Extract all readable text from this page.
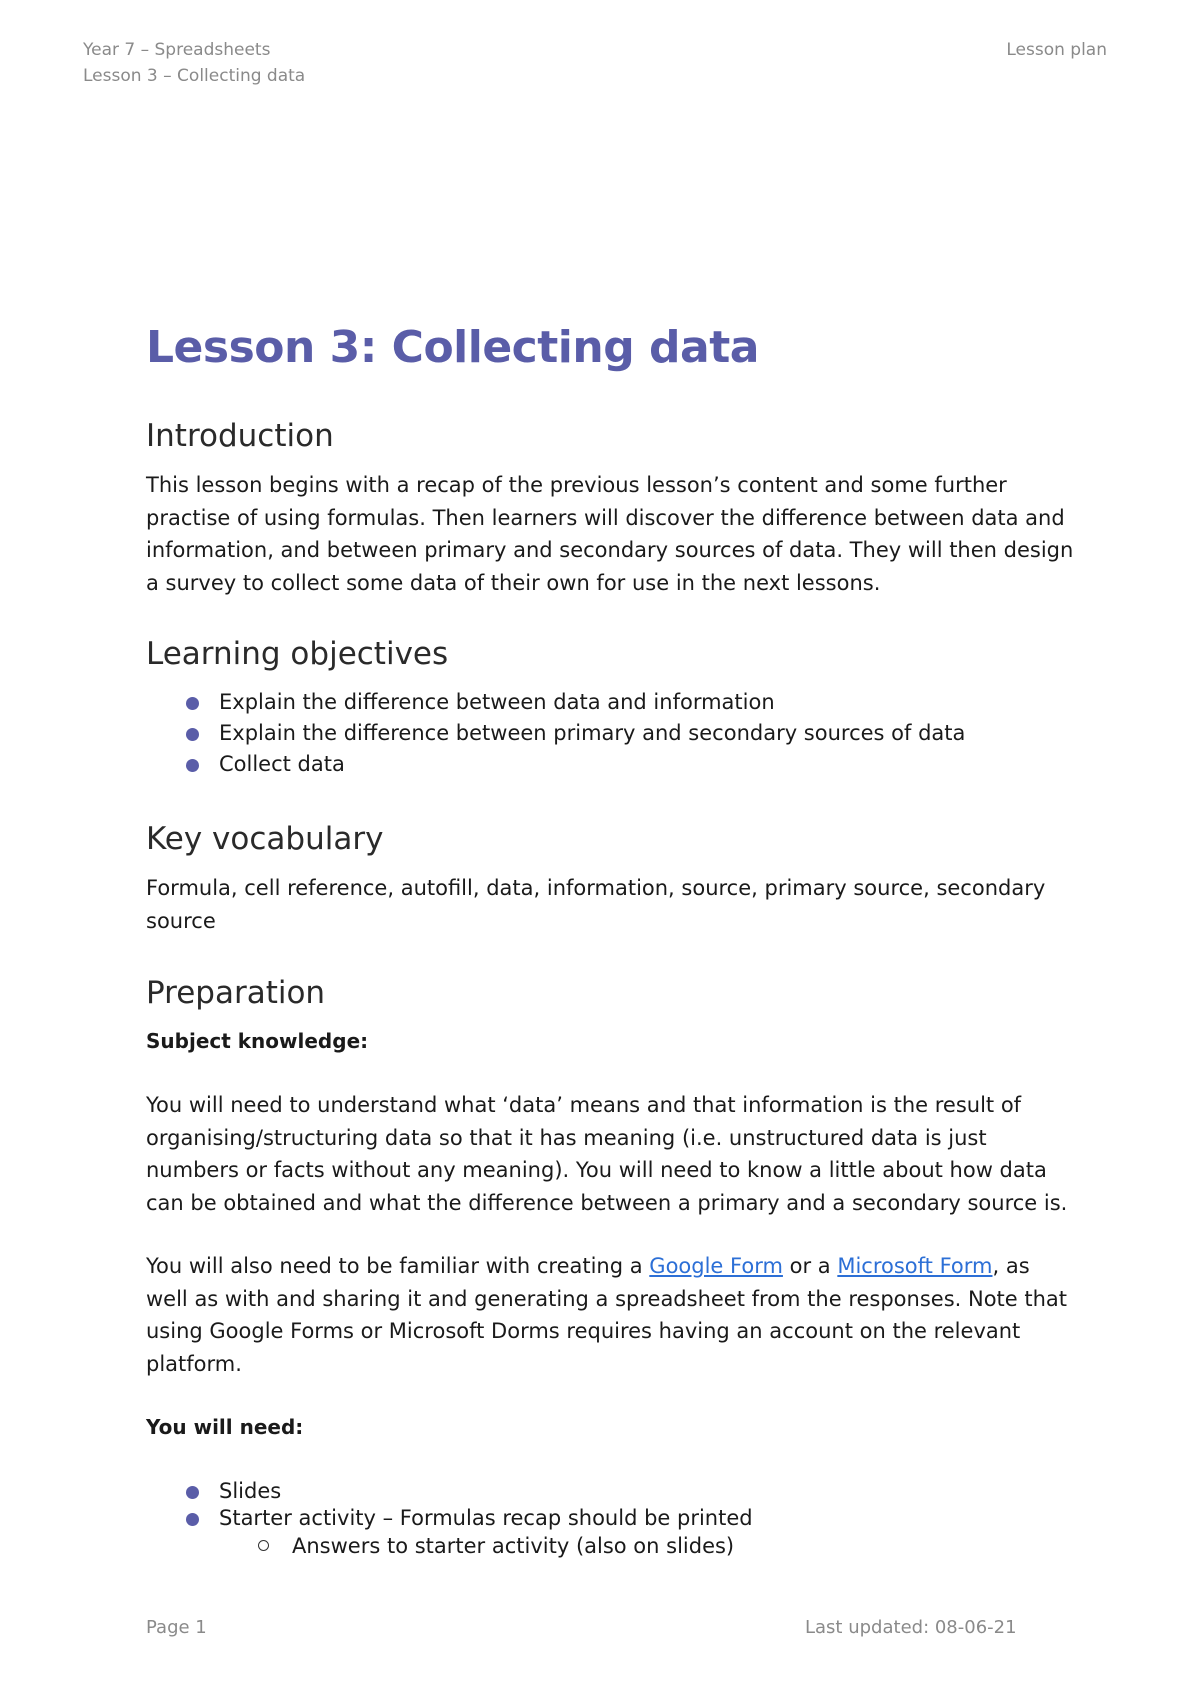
Year 7 – Spreadsheets
Lesson 3 – Collecting data
Lesson plan
Lesson 3: Collecting data
Introduction

This lesson begins with a recap of the previous lesson’s content and some further practise of using formulas. Then learners will discover the difference between data and information, and between primary and secondary sources of data. They will then design a survey to collect some data of their own for use in the next lessons.

Learning objectives
Explain the difference between data and information
Explain the difference between primary and secondary sources of data
Collect data
Key vocabulary

Formula, cell reference, autofill, data, information, source, primary source, secondary source

Preparation

Subject knowledge:

You will need to understand what ‘data’ means and that information is the result of organising/structuring data so that it has meaning (i.e. unstructured data is just numbers or facts without any meaning). You will need to know a little about how data can be obtained and what the difference between a primary and a secondary source is.

You will also need to be familiar with creating a Google Form or a Microsoft Form, as well as with and sharing it and generating a spreadsheet from the responses. Note that using Google Forms or Microsoft Dorms requires having an account on the relevant platform.

You will need:

Slides
Starter activity – Formulas recap should be printed
Answers to starter activity (also on slides)
Page 1	Last updated: 08-06-21
